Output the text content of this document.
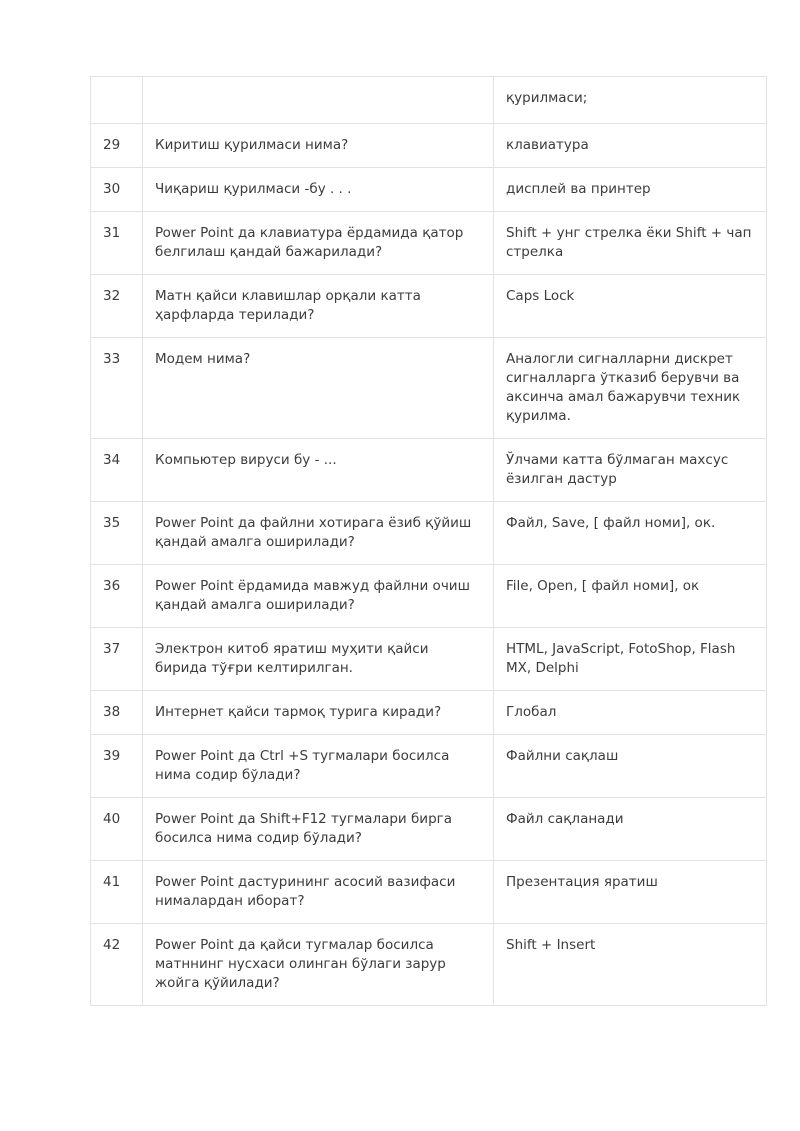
		қурилмаси;
29	Киритиш қурилмаси нима?	клавиатура
30	Чиқариш қурилмаси -бу . . .	дисплей ва принтер
31	Power Point да клавиатура ёрдамида қатор белгилаш қандай бажарилади?	Shift + унг стрелка ёки Shift + чап стрелка
32	Матн қайси клавишлар орқали катта ҳарфларда терилади?	Caps Lock
33	Модем нима?	Аналогли сигналларни дискрет сигналларга ўтказиб берувчи ва аксинча амал бажарувчи техник қурилма.
34	Компьютер вируси бу - ...	Ўлчами катта бўлмаган махсус ёзилган дастур
35	Power Point да файлни хотирага ёзиб қўйиш қандай амалга оширилади?	Файл, Save, [ файл номи], ок.
36	Power Point ёрдамида мавжуд файлни очиш қандай амалга оширилади?	File, Open, [ файл номи], ок
37	Электрон китоб яратиш муҳити қайси бирида тўғри келтирилган.	HTML, JavaScript, FotoShop, Flash MX, Delphi
38	Интернет қайси тармоқ турига киради?	Глобал
39	Power Point да Ctrl +S тугмалари босилса нима содир бўлади?	Файлни сақлаш
40	Power Point да Shift+F12 тугмалари бирга босилса нима содир бўлади?	Файл сақланади
41	Power Point дастурининг асосий вазифаси нималардан иборат?	Презентация яратиш
42	Power Point да қайси тугмалар босилса матннинг нусхаси олинган бўлаги зарур жойга қўйилади?	Shift + Insert
